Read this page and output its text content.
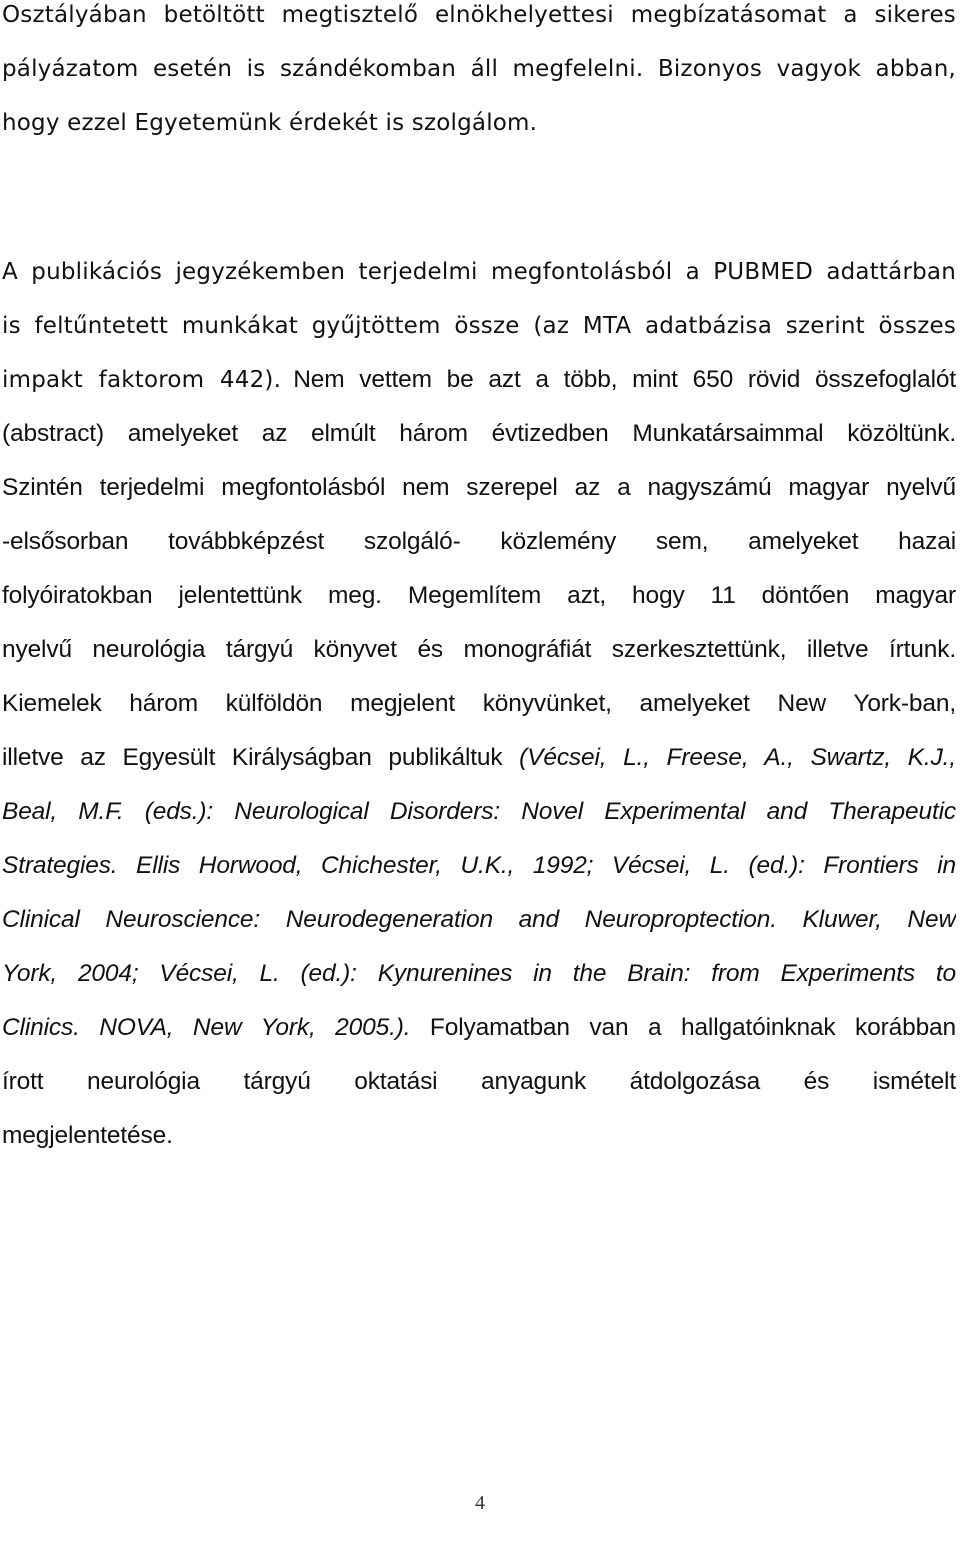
Osztályában betöltött megtisztelő elnökhelyettesi megbízatásomat a sikeres
pályázatom esetén is szándékomban áll megfelelni. Bizonyos vagyok abban,
hogy ezzel Egyetemünk érdekét is szolgálom.
A publikációs jegyzékemben terjedelmi megfontolásból a PUBMED adattárban
is feltűntetett munkákat gyűjtöttem össze (az MTA adatbázisa szerint összes
impakt faktorom 442). Nem vettem be azt a több, mint 650 rövid összefoglalót
(abstract) amelyeket az elmúlt három évtizedben Munkatársaimmal közöltünk.
Szintén terjedelmi megfontolásból nem szerepel az a nagyszámú magyar nyelvű
-elsősorban továbbképzést szolgáló- közlemény sem, amelyeket hazai
folyóiratokban jelentettünk meg. Megemlítem azt, hogy 11 döntően magyar
nyelvű neurológia tárgyú könyvet és monográfiát szerkesztettünk, illetve írtunk.
Kiemelek három külföldön megjelent könyvünket, amelyeket New York-ban,
illetve az Egyesült Királyságban publikáltuk (Vécsei, L., Freese, A., Swartz, K.J.,
Beal, M.F. (eds.): Neurological Disorders: Novel Experimental and Therapeutic
Strategies. Ellis Horwood, Chichester, U.K., 1992; Vécsei, L. (ed.): Frontiers in
Clinical Neuroscience: Neurodegeneration and Neuroproptection. Kluwer, New
York, 2004; Vécsei, L. (ed.): Kynurenines in the Brain: from Experiments to
Clinics. NOVA, New York, 2005.). Folyamatban van a hallgatóinknak korábban
írott neurológia tárgyú oktatási anyagunk átdolgozása és ismételt
megjelentetése.
4
